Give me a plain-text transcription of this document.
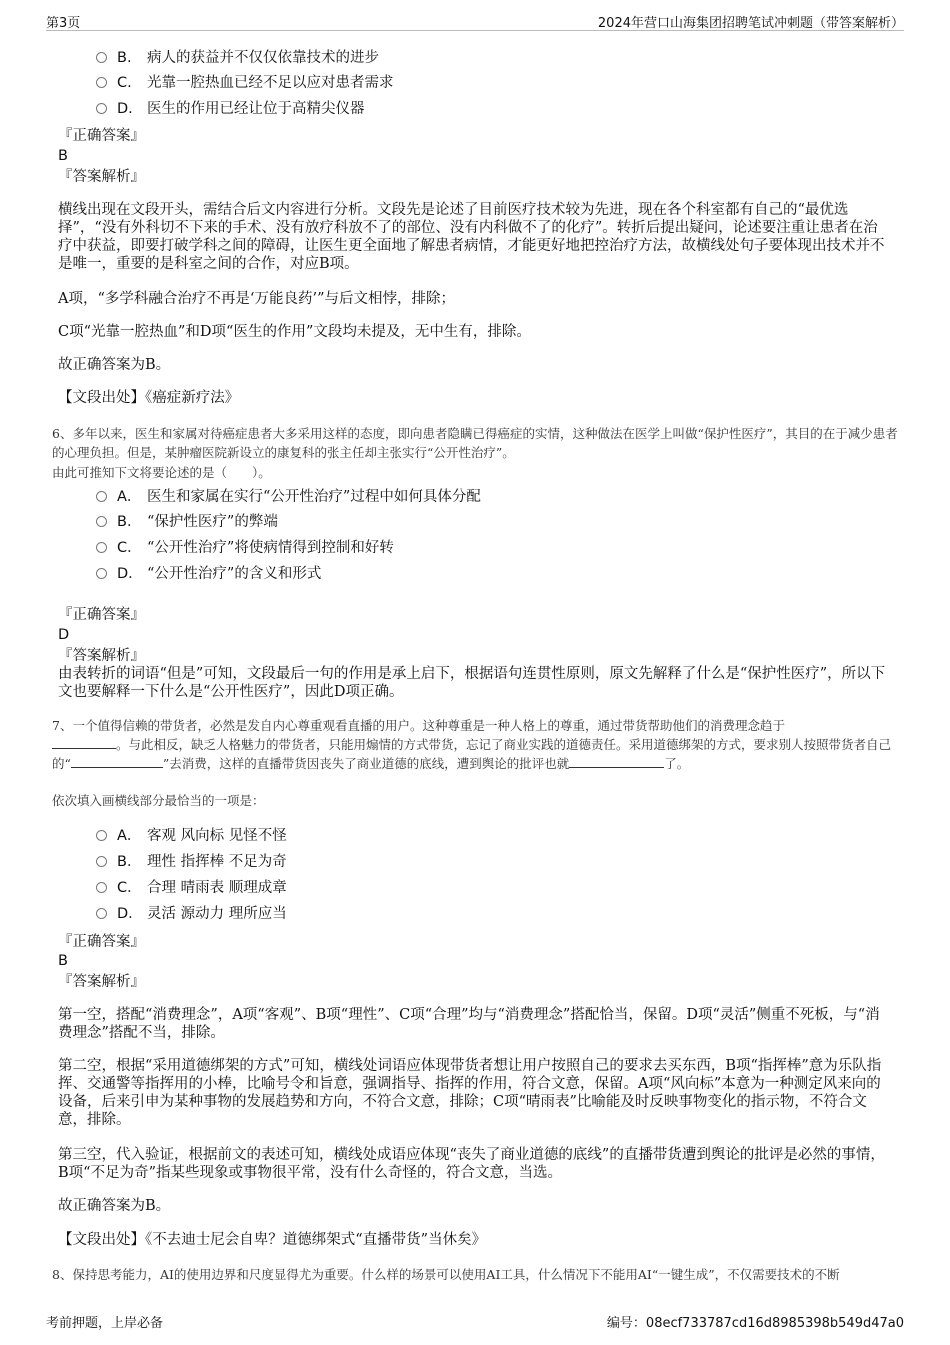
第3页	2024年营口山海集团招聘笔试冲刺题（带答案解析）
B. 病人的获益并不仅仅依靠技术的进步
C. 光靠一腔热血已经不足以应对患者需求
D. 医生的作用已经让位于高精尖仪器
『正确答案』
B
『答案解析』
横线出现在文段开头，需结合后文内容进行分析。文段先是论述了目前医疗技术较为先进，现在各个科室都有自己的“最优选择”，“没有外科切不下来的手术、没有放疗科放不了的部位、没有内科做不了的化疗”。转折后提出疑问，论述要注重让患者在治疗中获益，即要打破学科之间的障碍，让医生更全面地了解患者病情，才能更好地把控治疗方法，故横线处句子要体现出技术并不是唯一，重要的是科室之间的合作，对应B项。
A项，“多学科融合治疗不再是‘万能良药’”与后文相悖，排除；
C项“光靠一腔热血”和D项“医生的作用”文段均未提及，无中生有，排除。
故正确答案为B。
【文段出处】《癌症新疗法》
6、多年以来，医生和家属对待癌症患者大多采用这样的态度，即向患者隐瞒已得癌症的实情，这种做法在医学上叫做“保护性医疗”，其目的在于减少患者的心理负担。但是，某肿瘤医院新设立的康复科的张主任却主张实行“公开性治疗”。
由此可推知下文将要论述的是（　　）。
A． 医生和家属在实行“公开性治疗”过程中如何具体分配
B． “保护性医疗”的弊端
C． “公开性治疗”将使病情得到控制和好转
D． “公开性治疗”的含义和形式
『正确答案』
D
『答案解析』
由表转折的词语“但是”可知，文段最后一句的作用是承上启下，根据语句连贯性原则，原文先解释了什么是“保护性医疗”，所以下文也要解释一下什么是“公开性医疗”，因此D项正确。
7、一个值得信赖的带货者，必然是发自内心尊重观看直播的用户。这种尊重是一种人格上的尊重，通过带货帮助他们的消费理念趋于
。与此相反，缺乏人格魅力的带货者，只能用煽情的方式带货，忘记了商业实践的道德责任。采用道德绑架的方式，要求别人按照带货者自己的“	”去消费，这样的直播带货因丧失了商业道德的底线，遭到舆论的批评也就	了。
依次填入画横线部分最恰当的一项是：
A． 客观 风向标 见怪不怪
B． 理性 指挥棒 不足为奇
C． 合理 晴雨表 顺理成章
D． 灵活 源动力 理所应当
『正确答案』
B
『答案解析』
第一空，搭配“消费理念”，A项“客观”、B项“理性”、C项“合理”均与“消费理念”搭配恰当，保留。D项“灵活”侧重不死板，与“消费理念”搭配不当，排除。
第二空，根据“采用道德绑架的方式”可知，横线处词语应体现带货者想让用户按照自己的要求去买东西，B项“指挥棒”意为乐队指挥、交通警等指挥用的小棒，比喻号令和旨意，强调指导、指挥的作用，符合文意，保留。A项“风向标”本意为一种测定风来向的设备，后来引申为某种事物的发展趋势和方向，不符合文意，排除；C项“晴雨表”比喻能及时反映事物变化的指示物，不符合文意，排除。
第三空，代入验证，根据前文的表述可知，横线处成语应体现“丧失了商业道德的底线”的直播带货遭到舆论的批评是必然的事情，B项“不足为奇”指某些现象或事物很平常，没有什么奇怪的，符合文意，当选。
故正确答案为B。
【文段出处】《不去迪士尼会自卑？道德绑架式“直播带货”当休矣》
8、保持思考能力，AI的使用边界和尺度显得尤为重要。什么样的场景可以使用AI工具，什么情况下不能用AI“一键生成”，不仅需要技术的不断
考前押题，上岸必备	编号：08ecf733787cd16d8985398b549d47a0
